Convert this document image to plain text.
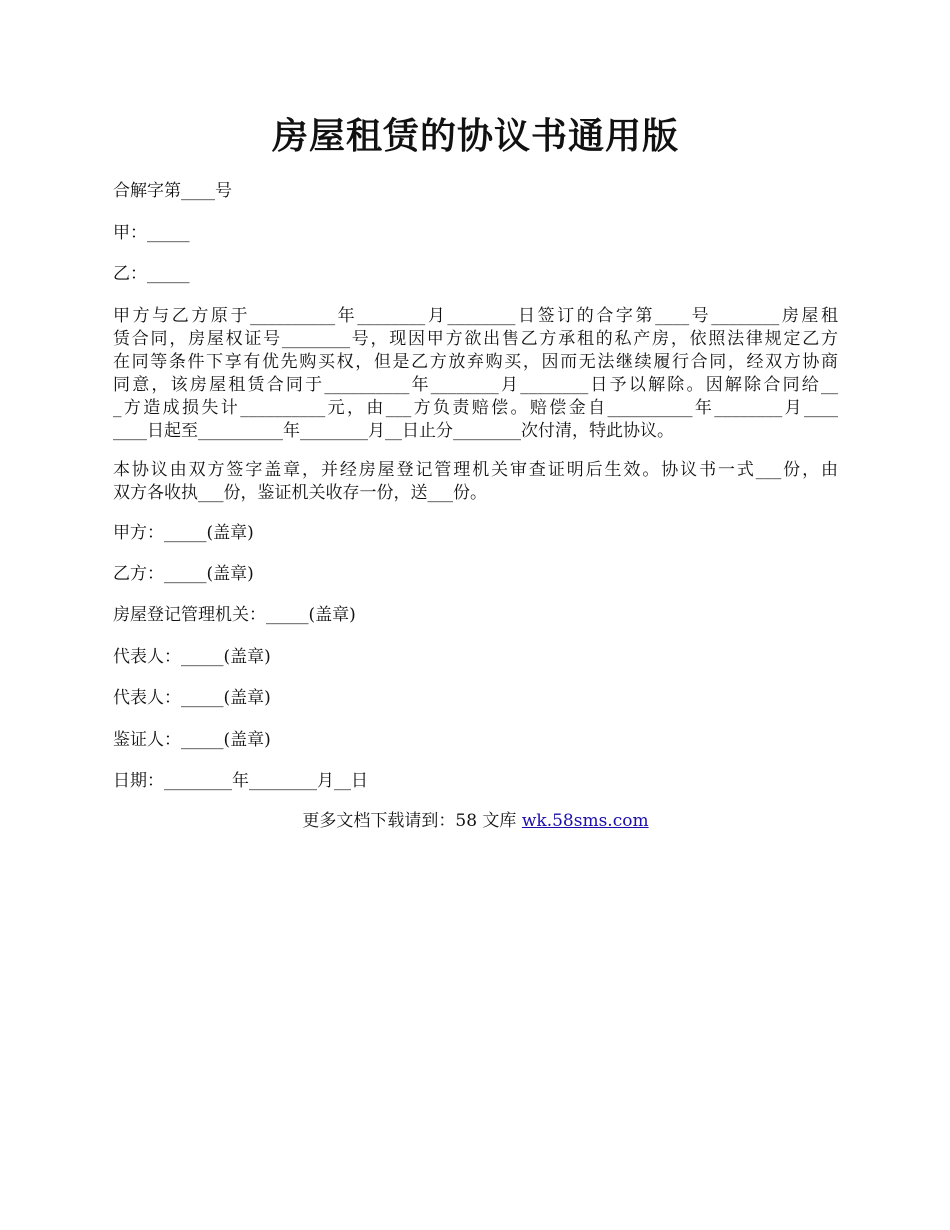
房屋租赁的协议书通用版
合解字第____号
甲：_____
乙：_____
甲方与乙方原于__________年________月________日签订的合字第____号________房屋租
赁合同，房屋权证号________号，现因甲方欲出售乙方承租的私产房，依照法律规定乙方
在同等条件下享有优先购买权，但是乙方放弃购买，因而无法继续履行合同，经双方协商
同意，该房屋租赁合同于__________年________月________日予以解除。因解除合同给__
_方造成损失计__________元，由___方负责赔偿。赔偿金自__________年________月____
____日起至__________年________月__日止分________次付清，特此协议。
本协议由双方签字盖章，并经房屋登记管理机关审查证明后生效。协议书一式___份，由
双方各收执___份，鉴证机关收存一份，送___份。
甲方：_____(盖章)
乙方：_____(盖章)
房屋登记管理机关：_____(盖章)
代表人：_____(盖章)
代表人：_____(盖章)
鉴证人：_____(盖章)
日期：________年________月__日
更多文档下载请到：58 文库 wk.58sms.com
